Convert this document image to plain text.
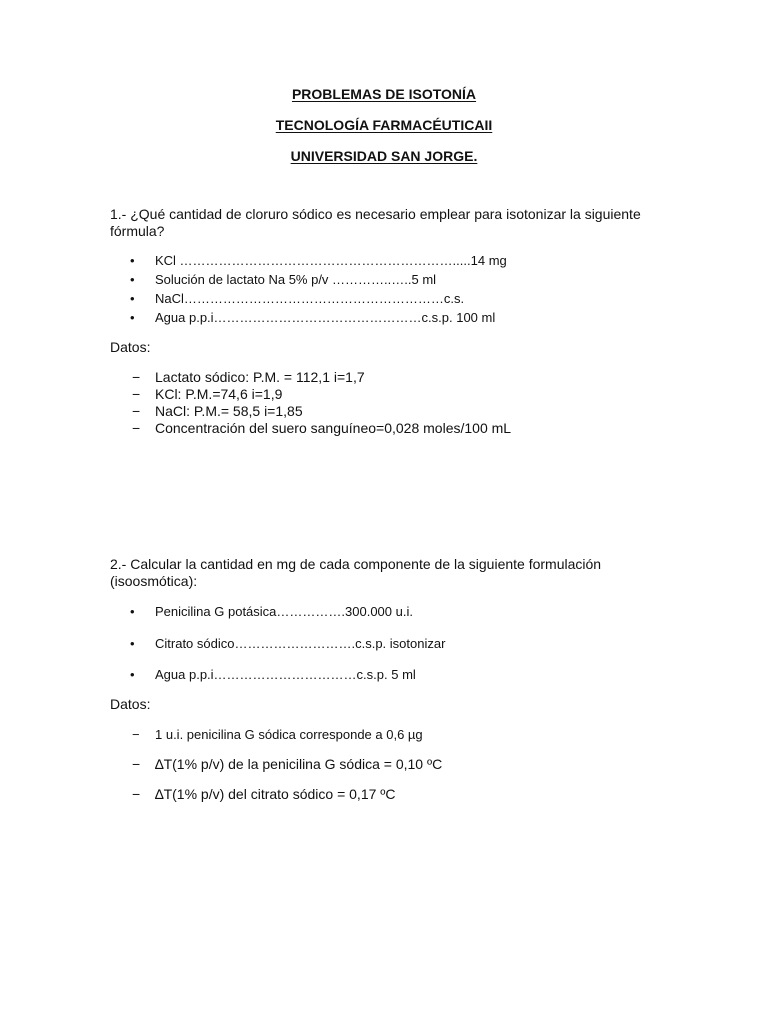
PROBLEMAS DE ISOTONÍA
TECNOLOGÍA FARMACÉUTICAII
UNIVERSIDAD SAN JORGE.
1.- ¿Qué cantidad de cloruro sódico es necesario emplear para isotonizar la siguiente
fórmula?
• KCl ……………………………………………………….....14 mg
• Solución de lactato Na 5% p/v …………..…..5 ml
• NaCl……………………………………………………c.s.
• Agua p.p.i…………………………………………c.s.p. 100 ml
Datos:
− Lactato sódico: P.M. = 112,1 i=1,7
− KCl: P.M.=74,6 i=1,9
− NaCl: P.M.= 58,5 i=1,85
− Concentración del suero sanguíneo=0,028 moles/100 mL
2.- Calcular la cantidad en mg de cada componente de la siguiente formulación
(isoosmótica):
• Penicilina G potásica…………….300.000 u.i.
• Citrato sódico……………………….c.s.p. isotonizar
• Agua p.p.i……………………………c.s.p. 5 ml
Datos:
− 1 u.i. penicilina G sódica corresponde a 0,6 µg
− ∆T(1% p/v) de la penicilina G sódica = 0,10 ºC
− ∆T(1% p/v) del citrato sódico = 0,17 ºC
